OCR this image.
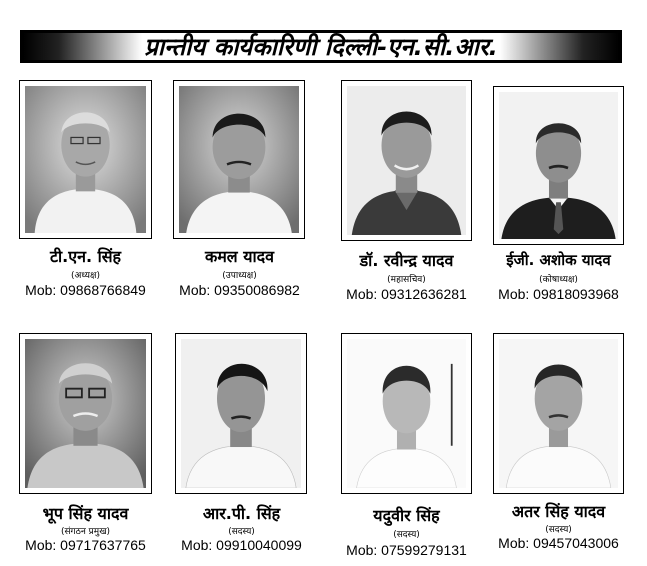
प्रान्तीय कार्यकारिणी दिल्ली-एन.सी.आर.
टी.एन. सिंह
(अध्यक्ष)
Mob: 09868766849
कमल यादव
(उपाध्यक्ष)
Mob: 09350086982
डॉ. रवीन्द्र यादव
(महासचिव)
Mob: 09312636281
ईजी. अशोक यादव
(कोषाध्यक्ष)
Mob: 09818093968
भूप सिंह यादव
(संगठन प्रमुख)
Mob: 09717637765
आर.पी. सिंह
(सदस्य)
Mob: 09910040099
यदुवीर सिंह
(सदस्य)
Mob: 07599279131
अतर सिंह यादव
(सदस्य)
Mob: 09457043006
